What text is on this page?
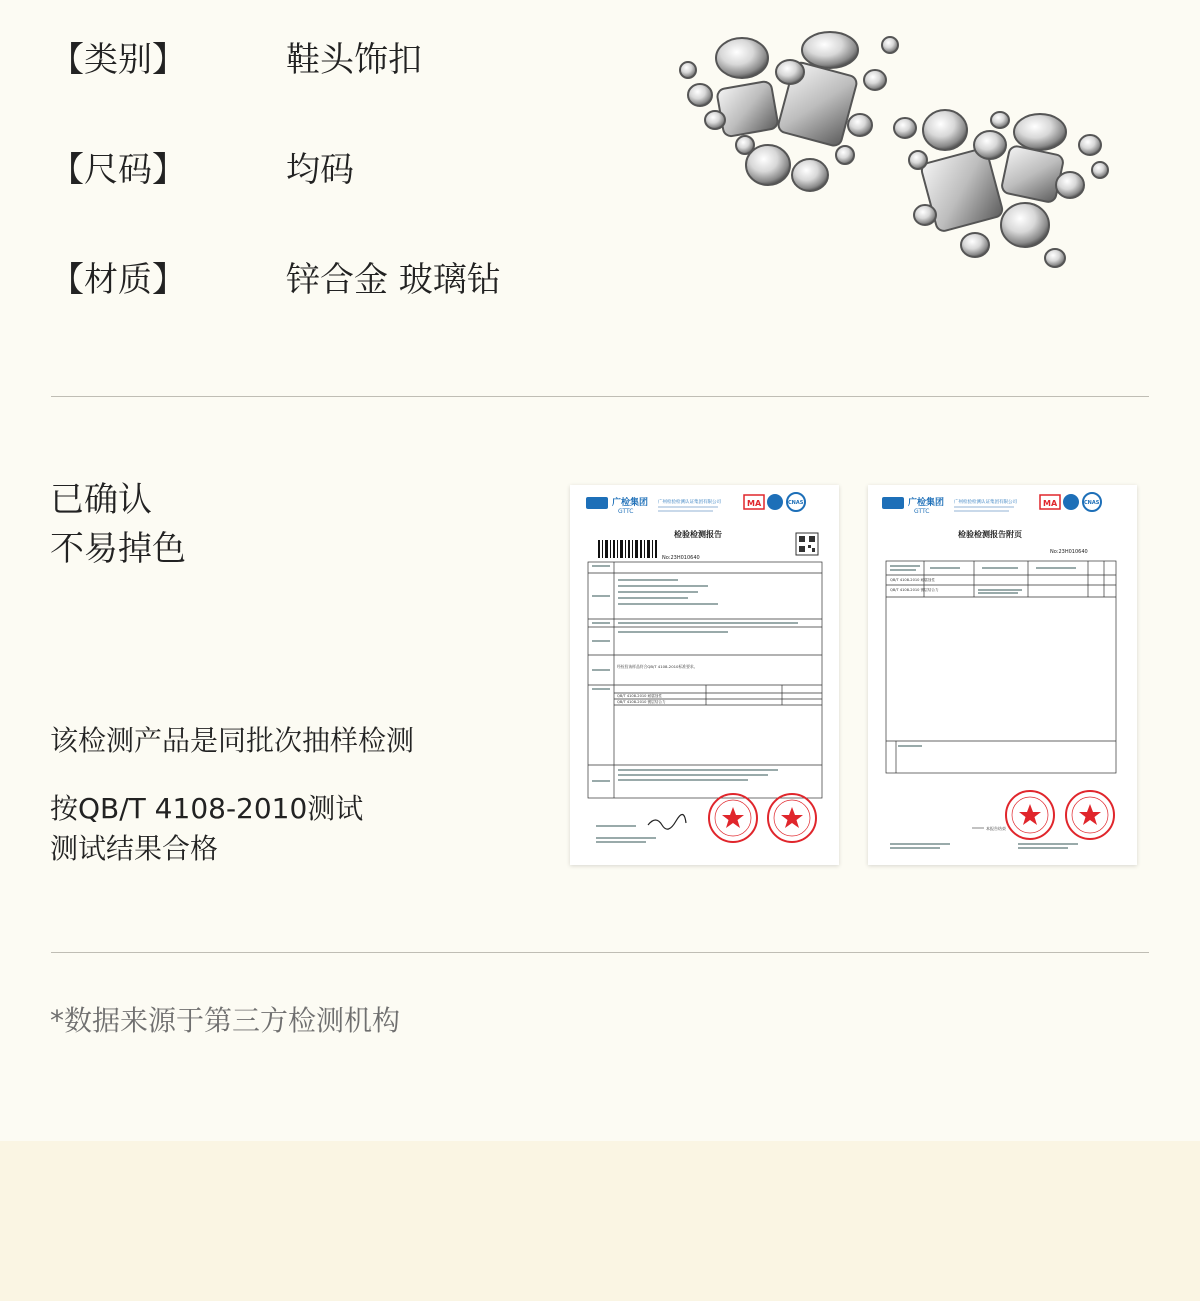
【类别】	鞋头饰扣
【尺码】	均码
【材质】	锌合金 玻璃钻
已确认
不易掉色
该检测产品是同批次抽样检测
按QB/T 4108-2010测试
测试结果合格
广检集团
GTTC
广州检验检测认证集团有限公司	MA	CNAS
检验检测报告
No:23H010640
QB/T 4108-2010 耐腐蚀性
QB/T 4108-2010 镀层结合力
经检验该样品符合QB/T 4108-2010标准要求。
广检集团
GTTC
广州检验检测认证集团有限公司	MA	CNAS
检验检测报告附页
No:23H010640
QB/T 4108-2010 耐腐蚀性
QB/T 4108-2010 镀层结合力
本报告结束
*数据来源于第三方检测机构
